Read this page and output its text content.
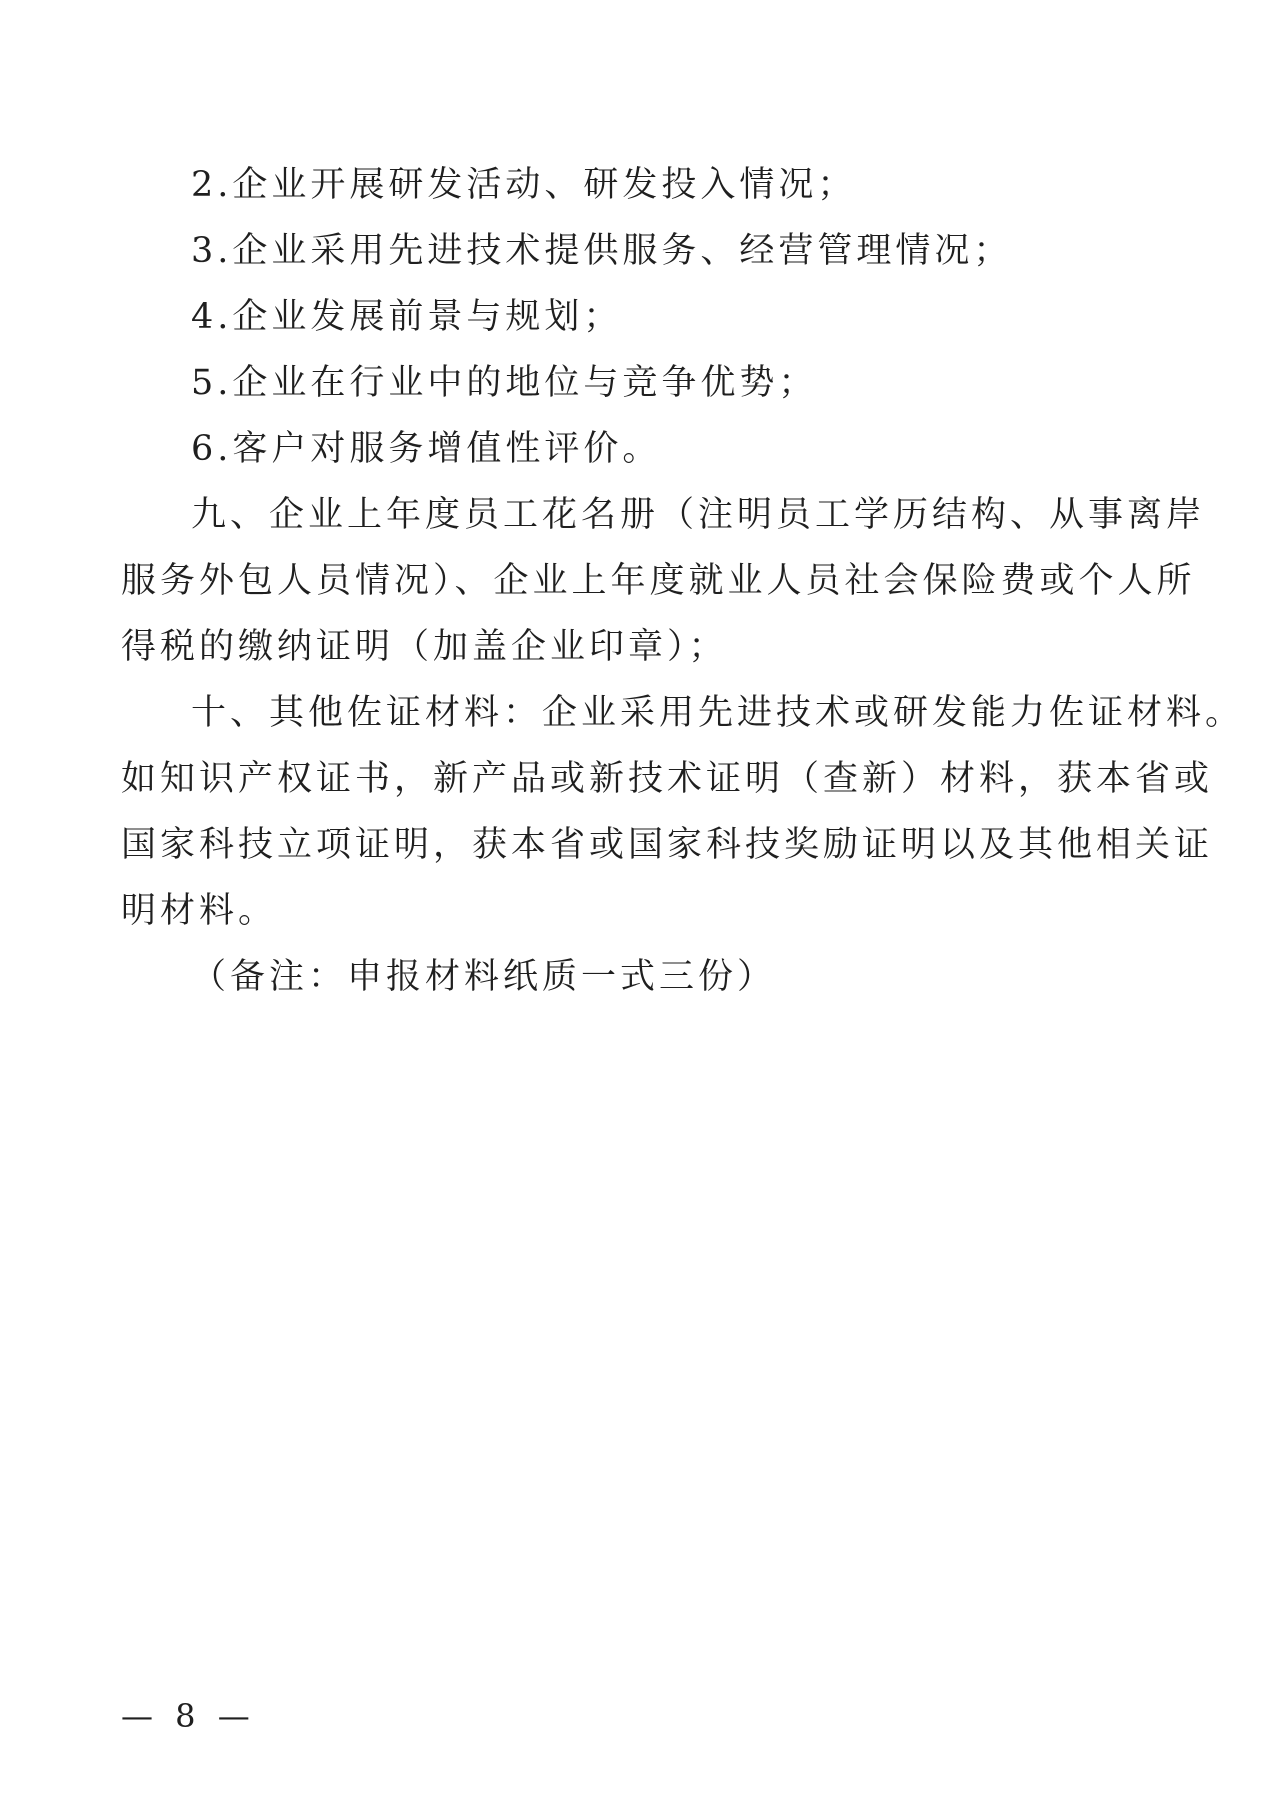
2.企业开展研发活动、研发投入情况；

3.企业采用先进技术提供服务、经营管理情况；

4.企业发展前景与规划；

5.企业在行业中的地位与竞争优势；

6.客户对服务增值性评价。

九、企业上年度员工花名册（注明员工学历结构、从事离岸

服务外包人员情况）、企业上年度就业人员社会保险费或个人所

得税的缴纳证明（加盖企业印章）；

十、其他佐证材料：企业采用先进技术或研发能力佐证材料。

如知识产权证书，新产品或新技术证明（查新）材料，获本省或

国家科技立项证明，获本省或国家科技奖励证明以及其他相关证

明材料。

（备注：申报材料纸质一式三份）

— 8 —
